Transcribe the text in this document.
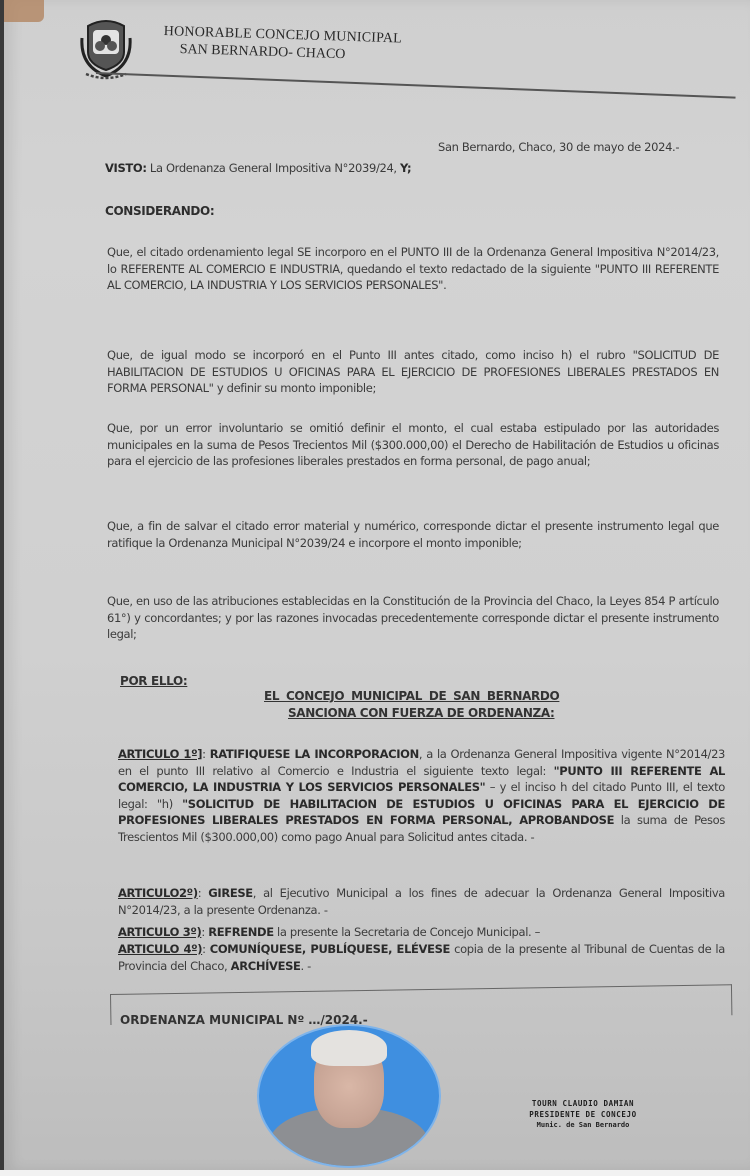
HONORABLE CONCEJO MUNICIPAL
SAN BERNARDO- CHACO
San Bernardo, Chaco, 30 de mayo de 2024.-
VISTO: La Ordenanza General Impositiva N°2039/24, Y;
CONSIDERANDO:
Que, el citado ordenamiento legal SE incorporo en el PUNTO III de la Ordenanza General Impositiva N°2014/23, lo REFERENTE AL COMERCIO E INDUSTRIA, quedando el texto redactado de la siguiente "PUNTO III REFERENTE AL COMERCIO, LA INDUSTRIA Y LOS SERVICIOS PERSONALES".
Que, de igual modo se incorporó en el Punto III antes citado, como inciso h) el rubro "SOLICITUD DE HABILITACION DE ESTUDIOS U OFICINAS PARA EL EJERCICIO DE PROFESIONES LIBERALES PRESTADOS EN FORMA PERSONAL" y definir su monto imponible;
Que, por un error involuntario se omitió definir el monto, el cual estaba estipulado por las autoridades municipales en la suma de Pesos Trecientos Mil ($300.000,00) el Derecho de Habilitación de Estudios u oficinas para el ejercicio de las profesiones liberales prestados en forma personal, de pago anual;
Que, a fin de salvar el citado error material y numérico, corresponde dictar el presente instrumento legal que ratifique la Ordenanza Municipal N°2039/24 e incorpore el monto imponible;
Que, en uso de las atribuciones establecidas en la Constitución de la Provincia del Chaco, la Leyes 854 P artículo 61°) y concordantes; y por las razones invocadas precedentemente corresponde dictar el presente instrumento legal;
POR ELLO:
EL CONCEJO MUNICIPAL DE SAN BERNARDO
SANCIONA CON FUERZA DE ORDENANZA:
ARTICULO 1º]: RATIFIQUESE LA INCORPORACION, a la Ordenanza General Impositiva vigente N°2014/23 en el punto III relativo al Comercio e Industria el siguiente texto legal: "PUNTO III REFERENTE AL COMERCIO, LA INDUSTRIA Y LOS SERVICIOS PERSONALES" – y el inciso h del citado Punto III, el texto legal: "h) "SOLICITUD DE HABILITACION DE ESTUDIOS U OFICINAS PARA EL EJERCICIO DE PROFESIONES LIBERALES PRESTADOS EN FORMA PERSONAL, APROBANDOSE la suma de Pesos Trescientos Mil ($300.000,00) como pago Anual para Solicitud antes citada. -
ARTICULO2º): GIRESE, al Ejecutivo Municipal a los fines de adecuar la Ordenanza General Impositiva N°2014/23, a la presente Ordenanza. -
ARTICULO 3º): REFRENDE la presente la Secretaria de Concejo Municipal. –
ARTICULO 4º): COMUNÍQUESE, PUBLÍQUESE, ELÉVESE copia de la presente al Tribunal de Cuentas de la Provincia del Chaco, ARCHÍVESE. -
ORDENANZA MUNICIPAL Nº …/2024.-
TOURN CLAUDIO DAMIAN
PRESIDENTE DE CONCEJO
Munic. de San Bernardo
